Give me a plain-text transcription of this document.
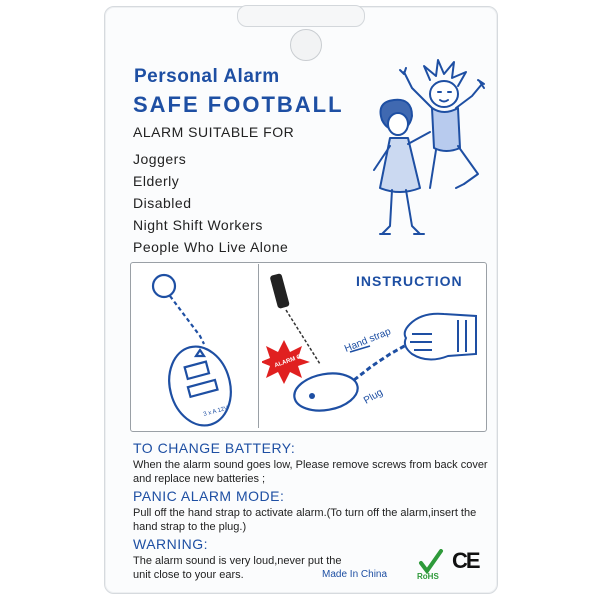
Personal Alarm
SAFE FOOTBALL
ALARM SUITABLE FOR
Joggers
Elderly
Disabled
Night Shift Workers
People Who Live Alone
3 x A 12V
INSTRUCTION
ALARM ON
Hand strap
Plug
TO CHANGE BATTERY:
When the alarm sound goes low, Please remove screws from back cover and replace new batteries ;
PANIC ALARM MODE:
Pull off the hand strap to activate alarm.(To turn off the alarm,insert the hand strap to the plug.)
WARNING:
The alarm sound is very loud,never put the unit close to your ears.	Made In China	RoHS
CE
